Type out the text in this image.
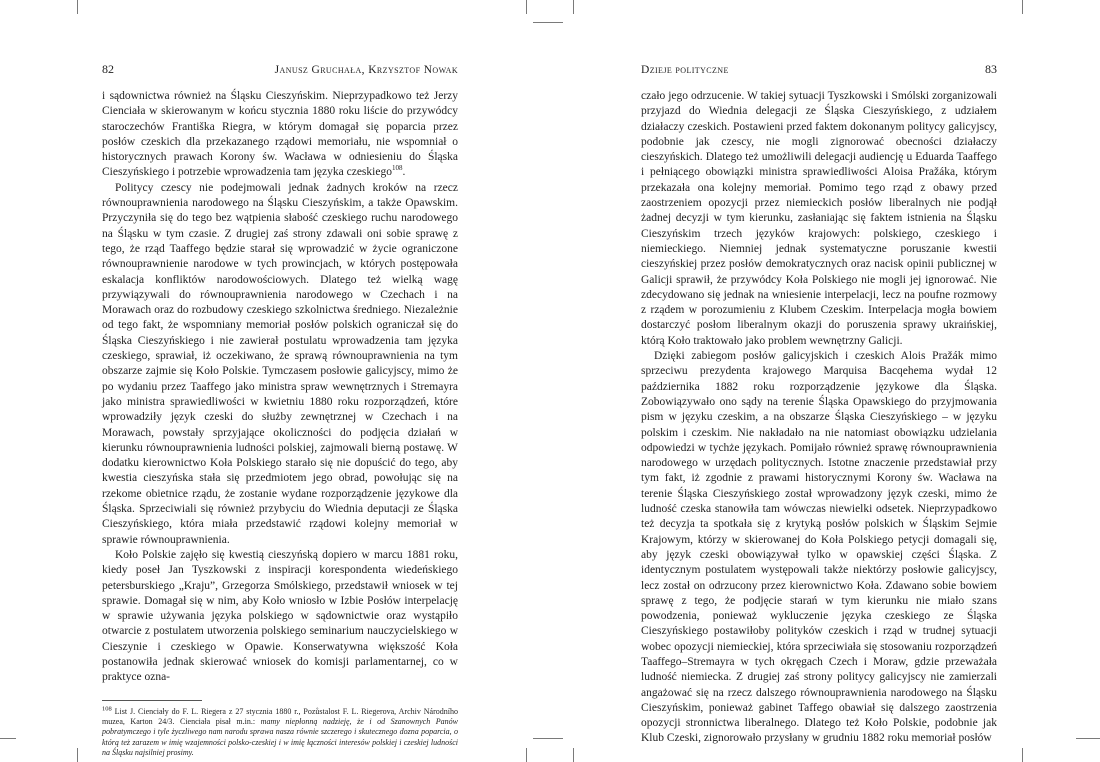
82	Janusz Gruchała, Krzysztof Nowak

i sądownictwa również na Śląsku Cieszyńskim. Nieprzypadkowo też Jerzy Cienciała w skierowanym w końcu stycznia 1880 roku liście do przywódcy staroczechów Františka Riegra, w którym domagał się poparcia przez posłów czeskich dla przekazanego rządowi memoriału, nie wspomniał o historycznych prawach Korony św. Wacława w odniesieniu do Śląska Cieszyńskiego i potrzebie wprowadzenia tam języka czeskiego$^{108}$.

Politycy czescy nie podejmowali jednak żadnych kroków na rzecz równouprawnienia narodowego na Śląsku Cieszyńskim, a także Opawskim. Przyczyniła się do tego bez wątpienia słabość czeskiego ruchu narodowego na Śląsku w tym czasie. Z drugiej zaś strony zdawali oni sobie sprawę z tego, że rząd Taaffego będzie starał się wprowadzić w życie ograniczone równouprawnienie narodowe w tych prowincjach, w których postępowała eskalacja konfliktów narodowościowych. Dlatego też wielką wagę przywiązywali do równouprawnienia narodowego w Czechach i na Morawach oraz do rozbudowy czeskiego szkolnictwa średniego. Niezależnie od tego fakt, że wspomniany memoriał posłów polskich ograniczał się do Śląska Cieszyńskiego i nie zawierał postulatu wprowadzenia tam języka czeskiego, sprawiał, iż oczekiwano, że sprawą równouprawnienia na tym obszarze zajmie się Koło Polskie. Tymczasem posłowie galicyjscy, mimo że po wydaniu przez Taaffego jako ministra spraw wewnętrznych i Stremayra jako ministra sprawiedliwości w kwietniu 1880 roku rozporządzeń, które wprowadziły język czeski do służby zewnętrznej w Czechach i na Morawach, powstały sprzyjające okoliczności do podjęcia działań w kierunku równouprawnienia ludności polskiej, zajmowali bierną postawę. W dodatku kierownictwo Koła Polskiego starało się nie dopuścić do tego, aby kwestia cieszyńska stała się przedmiotem jego obrad, powołując się na rzekome obietnice rządu, że zostanie wydane rozporządzenie językowe dla Śląska. Sprzeciwiali się również przybyciu do Wiednia deputacji ze Śląska Cieszyńskiego, która miała przedstawić rządowi kolejny memoriał w sprawie równouprawnienia.

Koło Polskie zajęło się kwestią cieszyńską dopiero w marcu 1881 roku, kiedy poseł Jan Tyszkowski z inspiracji korespondenta wiedeńskiego petersburskiego „Kraju”, Grzegorza Smólskiego, przedstawił wniosek w tej sprawie. Domagał się w nim, aby Koło wniosło w Izbie Posłów interpelację w sprawie używania języka polskiego w sądownictwie oraz wystąpiło otwarcie z postulatem utworzenia polskiego seminarium nauczycielskiego w Cieszynie i czeskiego w Opawie. Konserwatywna większość Koła postanowiła jednak skierować wniosek do komisji parlamentarnej, co w praktyce ozna-

$^{108}$ List J. Cienciały do F. L. Riegera z 27 stycznia 1880 r., Pozůstalost F. L. Riegerova, Archiv Národního muzea, Karton 24/3. Cienciała pisał m.in.: mamy niepłonną nadzieję, że i od Szanownych Panów pobratymczego i tyle życzliwego nam narodu sprawa nasza równie szczerego i skutecznego dozna poparcia, o którą też zarazem w imię wzajemności polsko-czeskiej i w imię łączności interesów polskiej i czeskiej ludności na Śląsku najsilniej prosimy.
Dzieje polityczne	83

czało jego odrzucenie. W takiej sytuacji Tyszkowski i Smólski zorganizowali przyjazd do Wiednia delegacji ze Śląska Cieszyńskiego, z udziałem działaczy czeskich. Postawieni przed faktem dokonanym politycy galicyjscy, podobnie jak czescy, nie mogli zignorować obecności działaczy cieszyńskich. Dlatego też umożliwili delegacji audiencję u Eduarda Taaffego i pełniącego obowiązki ministra sprawiedliwości Aloisa Pražáka, którym przekazała ona kolejny memoriał. Pomimo tego rząd z obawy przed zaostrzeniem opozycji przez niemieckich posłów liberalnych nie podjął żadnej decyzji w tym kierunku, zasłaniając się faktem istnienia na Śląsku Cieszyńskim trzech języków krajowych: polskiego, czeskiego i niemieckiego. Niemniej jednak systematyczne poruszanie kwestii cieszyńskiej przez posłów demokratycznych oraz nacisk opinii publicznej w Galicji sprawił, że przywódcy Koła Polskiego nie mogli jej ignorować. Nie zdecydowano się jednak na wniesienie interpelacji, lecz na poufne rozmowy z rządem w porozumieniu z Klubem Czeskim. Interpelacja mogła bowiem dostarczyć posłom liberalnym okazji do poruszenia sprawy ukraińskiej, którą Koło traktowało jako problem wewnętrzny Galicji.

Dzięki zabiegom posłów galicyjskich i czeskich Alois Pražák mimo sprzeciwu prezydenta krajowego Marquisa Bacqehema wydał 12 października 1882 roku rozporządzenie językowe dla Śląska. Zobowiązywało ono sądy na terenie Śląska Opawskiego do przyjmowania pism w języku czeskim, a na obszarze Śląska Cieszyńskiego – w języku polskim i czeskim. Nie nakładało na nie natomiast obowiązku udzielania odpowiedzi w tychże językach. Pomijało również sprawę równouprawnienia narodowego w urzędach politycznych. Istotne znaczenie przedstawiał przy tym fakt, iż zgodnie z prawami historycznymi Korony św. Wacława na terenie Śląska Cieszyńskiego został wprowadzony język czeski, mimo że ludność czeska stanowiła tam wówczas niewielki odsetek. Nieprzypadkowo też decyzja ta spotkała się z krytyką posłów polskich w Śląskim Sejmie Krajowym, którzy w skierowanej do Koła Polskiego petycji domagali się, aby język czeski obowiązywał tylko w opawskiej części Śląska. Z identycznym postulatem występowali także niektórzy posłowie galicyjscy, lecz został on odrzucony przez kierownictwo Koła. Zdawano sobie bowiem sprawę z tego, że podjęcie starań w tym kierunku nie miało szans powodzenia, ponieważ wykluczenie języka czeskiego ze Śląska Cieszyńskiego postawiłoby polityków czeskich i rząd w trudnej sytuacji wobec opozycji niemieckiej, która sprzeciwiała się stosowaniu rozporządzeń Taaffego–Stremayra w tych okręgach Czech i Moraw, gdzie przeważała ludność niemiecka. Z drugiej zaś strony politycy galicyjscy nie zamierzali angażować się na rzecz dalszego równouprawnienia narodowego na Śląsku Cieszyńskim, ponieważ gabinet Taffego obawiał się dalszego zaostrzenia opozycji stronnictwa liberalnego. Dlatego też Koło Polskie, podobnie jak Klub Czeski, zignorowało przysłany w grudniu 1882 roku memoriał posłów
